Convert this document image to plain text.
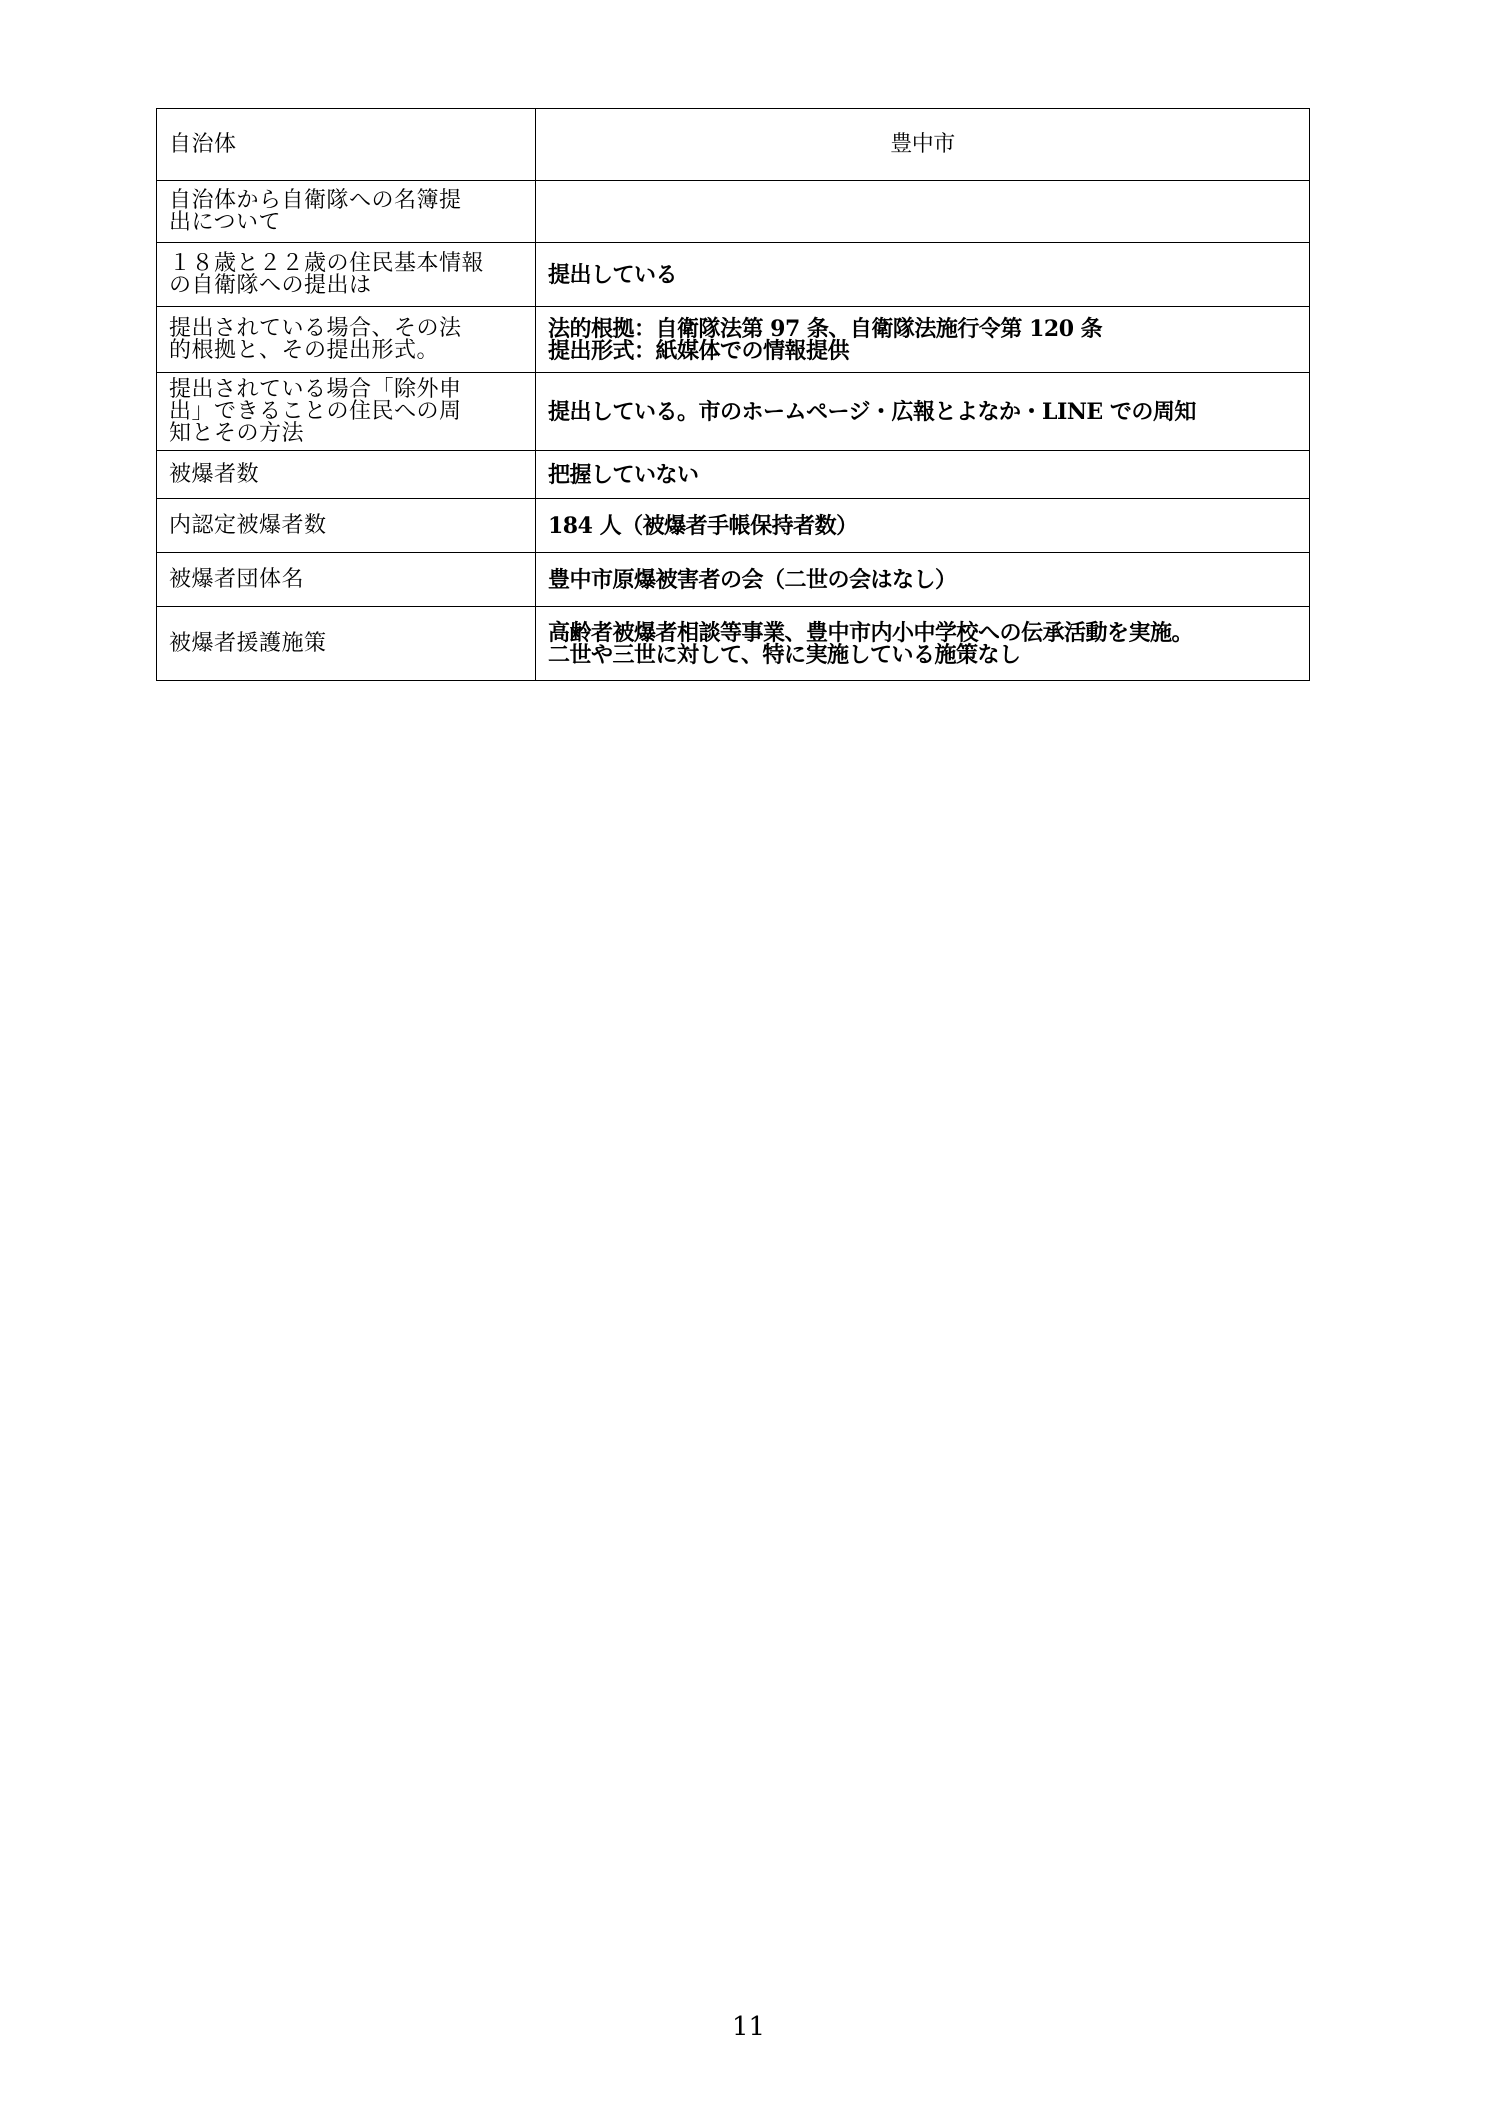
自治体	豊中市

自治体から自衛隊への名簿提
出について	

１８歳と２２歳の住民基本情報
の自衛隊への提出は	提出している

提出されている場合、その法
的根拠と、その提出形式。	法的根拠：自衛隊法第 97 条、自衛隊法施行令第 120 条
提出形式：紙媒体での情報提供

提出されている場合「除外申
出」できることの住民への周
知とその方法	提出している。市のホームページ・広報とよなか・LINE での周知

被爆者数	把握していない

内認定被爆者数	184 人（被爆者手帳保持者数）

被爆者団体名	豊中市原爆被害者の会（二世の会はなし）

被爆者援護施策	高齢者被爆者相談等事業、豊中市内小中学校への伝承活動を実施。
二世や三世に対して、特に実施している施策なし
11
